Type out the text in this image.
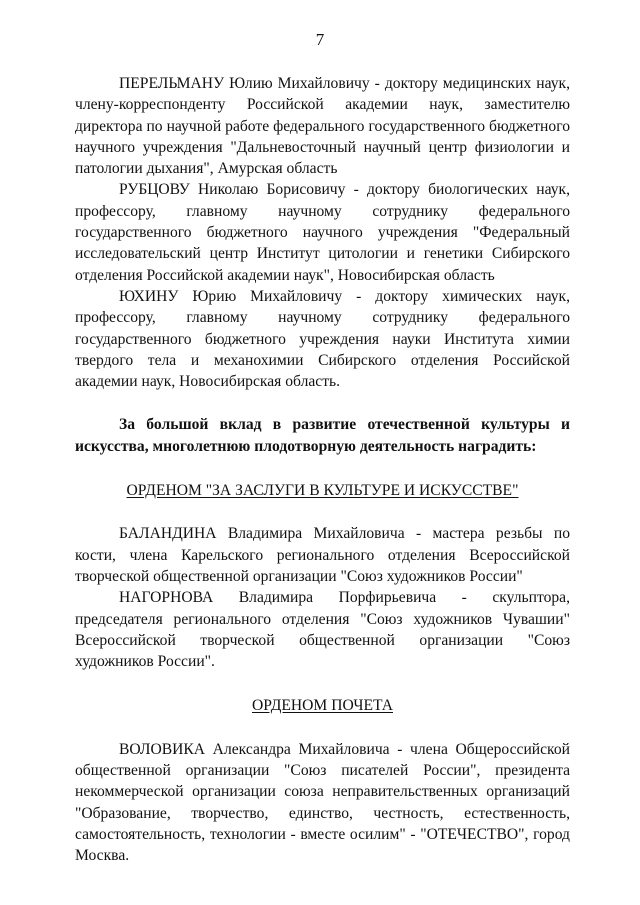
7

ПЕРЕЛЬМАНУ Юлию Михайловичу - доктору медицинских наук, члену-корреспонденту Российской академии наук, заместителю директора по научной работе федерального государственного бюджетного научного учреждения "Дальневосточный научный центр физиологии и патологии дыхания", Амурская область

РУБЦОВУ Николаю Борисовичу - доктору биологических наук, профессору, главному научному сотруднику федерального государственного бюджетного научного учреждения "Федеральный исследовательский центр Институт цитологии и генетики Сибирского отделения Российской академии наук", Новосибирская область

ЮХИНУ Юрию Михайловичу - доктору химических наук, профессору, главному научному сотруднику федерального государственного бюджетного учреждения науки Института химии твердого тела и механохимии Сибирского отделения Российской академии наук, Новосибирская область.

За большой вклад в развитие отечественной культуры и искусства, многолетнюю плодотворную деятельность наградить:

ОРДЕНОМ "ЗА ЗАСЛУГИ В КУЛЬТУРЕ И ИСКУССТВЕ"

БАЛАНДИНА Владимира Михайловича - мастера резьбы по кости, члена Карельского регионального отделения Всероссийской творческой общественной организации "Союз художников России"

НАГОРНОВА Владимира Порфирьевича - скульптора, председателя регионального отделения "Союз художников Чувашии" Всероссийской творческой общественной организации "Союз художников России".

ОРДЕНОМ ПОЧЕТА

ВОЛОВИКА Александра Михайловича - члена Общероссийской общественной организации "Союз писателей России", президента некоммерческой организации союза неправительственных организаций "Образование, творчество, единство, честность, естественность, самостоятельность, технологии - вместе осилим" - "ОТЕЧЕСТВО", город Москва.
